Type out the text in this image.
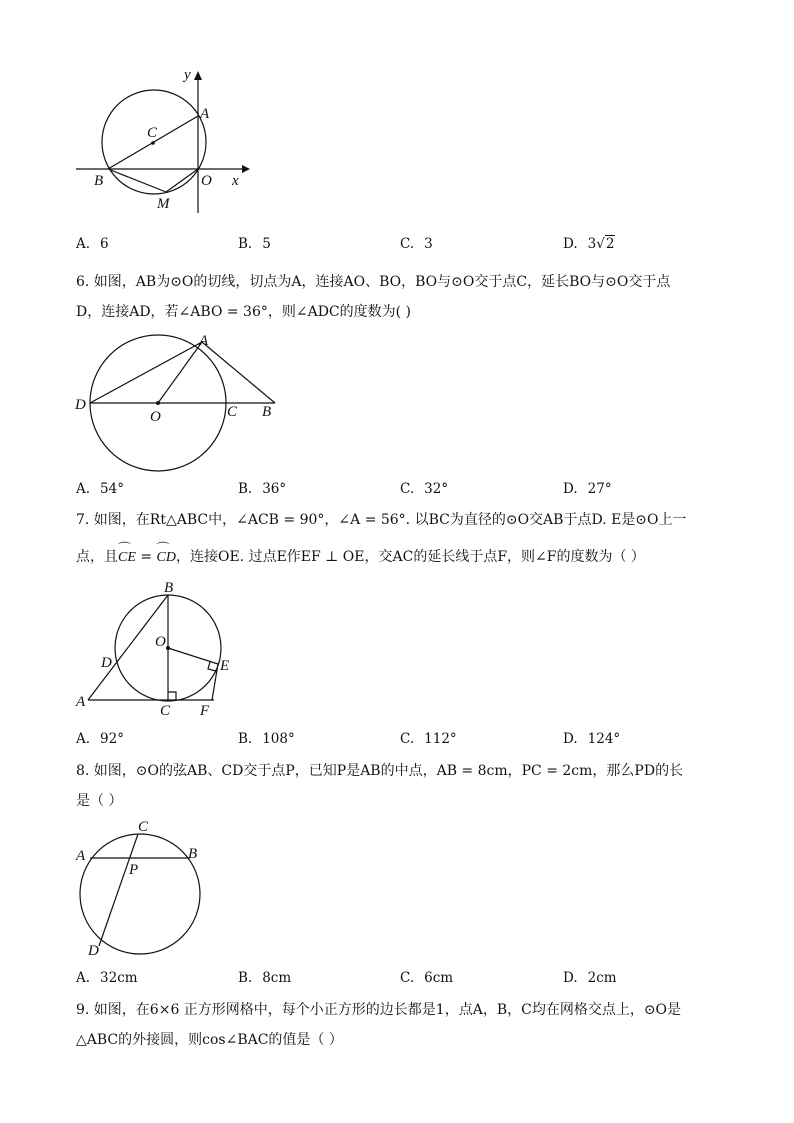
y
A
C
B	O x
M
A. 6	B. 5	C. 3	D. 3√2
6. 如图，AB为⊙O的切线，切点为A，连接AO、BO，BO与⊙O交于点C，延长BO与⊙O交于点
D，连接AD，若∠ABO = 36°，则∠ADC的度数为( )
A
D
O	C B
A. 54°	B. 36°	C. 32°	D. 27°
7. 如图，在Rt△ABC中，∠ACB = 90°，∠A = 56°. 以BC为直径的⊙O交AB于点D. E是⊙O上一
点，且⌒ CE = ⌒ CD，连接OE. 过点E作EF ⊥ OE，交AC的延长线于点F，则∠F的度数为（ ）
B
O
D	E
A
C F
A. 92°	B. 108°	C. 112°	D. 124°
8. 如图，⊙O的弦AB、CD交于点P，已知P是AB的中点，AB = 8cm，PC = 2cm，那么PD的长
是（ ）
C
A	B
P
D
A. 32cm	B. 8cm	C. 6cm	D. 2cm
9. 如图，在6×6 正方形网格中，每个小正方形的边长都是1，点A，B，C均在网格交点上，⊙O是
△ABC的外接圆，则cos∠BAC的值是（ ）
